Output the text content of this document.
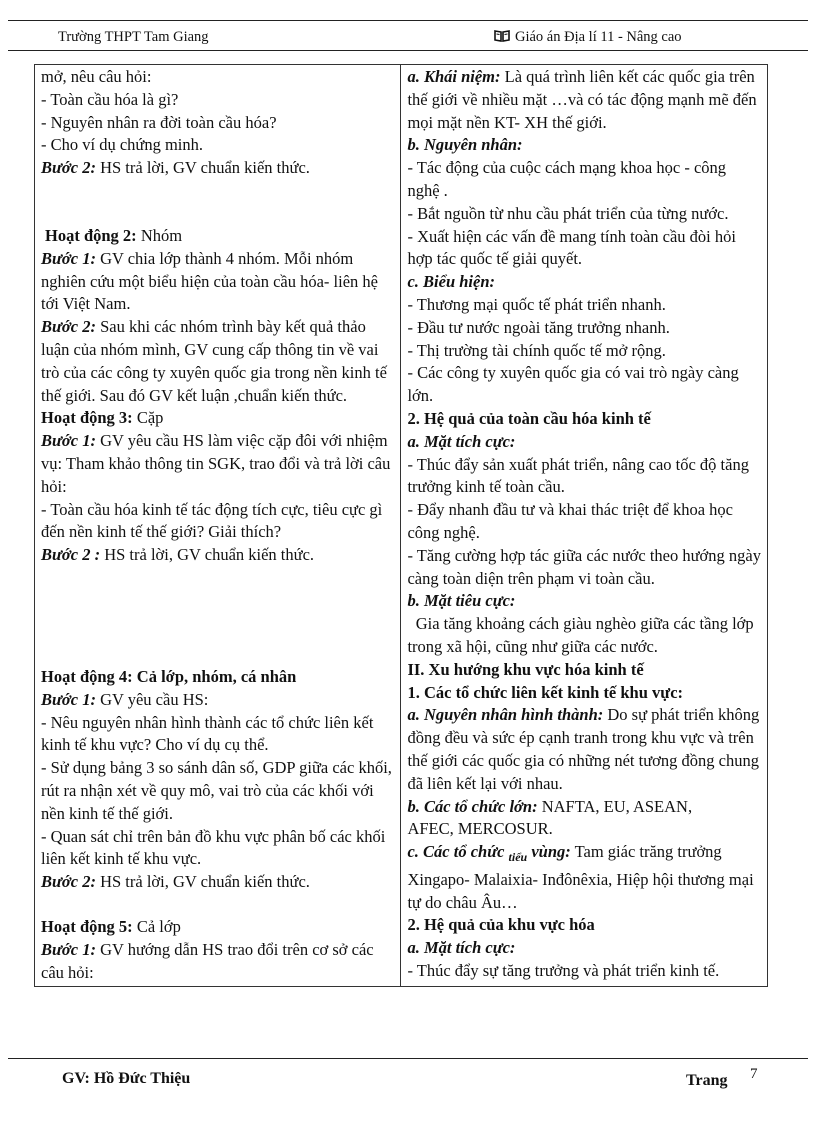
Trường THPT Tam Giang	Giáo án Địa lí 11 - Nâng cao

mở, nêu câu hỏi:

- Toàn cầu hóa là gì?

- Nguyên nhân ra đời toàn cầu hóa?

- Cho ví dụ chứng minh.

Bước 2: HS trả lời, GV chuẩn kiến thức.

Hoạt động 2: Nhóm

Bước 1: GV chia lớp thành 4 nhóm. Mỗi nhóm nghiên cứu một biểu hiện của toàn cầu hóa- liên hệ tới Việt Nam.

Bước 2: Sau khi các nhóm trình bày kết quả thảo luận của nhóm mình, GV cung cấp thông tin về vai trò của các công ty xuyên quốc gia trong nền kinh tế thế giới. Sau đó GV kết luận ,chuẩn kiến thức.

Hoạt động 3: Cặp

Bước 1: GV yêu cầu HS làm việc cặp đôi với nhiệm vụ: Tham khảo thông tin SGK, trao đổi và trả lời câu hỏi:

- Toàn cầu hóa kinh tế tác động tích cực, tiêu cực gì đến nền kinh tế thế giới? Giải thích?

Bước 2 : HS trả lời, GV chuẩn kiến thức.

Hoạt động 4: Cả lớp, nhóm, cá nhân

Bước 1: GV yêu cầu HS:

- Nêu nguyên nhân hình thành các tổ chức liên kết kinh tế khu vực? Cho ví dụ cụ thể.

- Sử dụng bảng 3 so sánh dân số, GDP giữa các khối, rút ra nhận xét về quy mô, vai trò của các khối với nền kinh tế thế giới.

- Quan sát chỉ trên bản đồ khu vực phân bố các khối liên kết kinh tế khu vực.

Bước 2: HS trả lời, GV chuẩn kiến thức.

Hoạt động 5: Cả lớp

Bước 1: GV hướng dẫn HS trao đổi trên cơ sở các câu hỏi:

a. Khái niệm: Là quá trình liên kết các quốc gia trên thế giới về nhiều mặt …và có tác động mạnh mẽ đến mọi mặt nền KT- XH thế giới.

b. Nguyên nhân:

- Tác động của cuộc cách mạng khoa học - công nghệ .

- Bắt nguồn từ nhu cầu phát triển của từng nước.

- Xuất hiện các vấn đề mang tính toàn cầu đòi hỏi hợp tác quốc tế giải quyết.

c. Biểu hiện:

- Thương mại quốc tế phát triển nhanh.

- Đầu tư nước ngoài tăng trưởng nhanh.

- Thị trường tài chính quốc tế mở rộng.

- Các công ty xuyên quốc gia có vai trò ngày càng lớn.

2. Hệ quả của toàn cầu hóa kinh tế

a. Mặt tích cực:

- Thúc đẩy sản xuất phát triển, nâng cao tốc độ tăng trưởng kinh tế toàn cầu.

- Đẩy nhanh đầu tư và khai thác triệt để khoa học công nghệ.

- Tăng cường hợp tác giữa các nước theo hướng ngày càng toàn diện trên phạm vi toàn cầu.

b. Mặt tiêu cực:

Gia tăng khoảng cách giàu nghèo giữa các tầng lớp trong xã hội, cũng như giữa các nước.

II. Xu hướng khu vực hóa kinh tế

1. Các tổ chức liên kết kinh tế khu vực:

a. Nguyên nhân hình thành: Do sự phát triển không đồng đều và sức ép cạnh tranh trong khu vực và trên thế giới các quốc gia có những nét tương đồng chung đã liên kết lại với nhau.

b. Các tổ chức lớn: NAFTA, EU, ASEAN,

AFEC, MERCOSUR.

c. Các tổ chức $_{tiểu}$ vùng: Tam giác trăng trưởng Xingapo- Malaixia- Inđônêxia, Hiệp hội thương mại tự do châu Âu…

2. Hệ quả của khu vực hóa

a. Mặt tích cực:

- Thúc đẩy sự tăng trưởng và phát triển kinh tế.

GV: Hồ Đức Thiệu	Trang 7
